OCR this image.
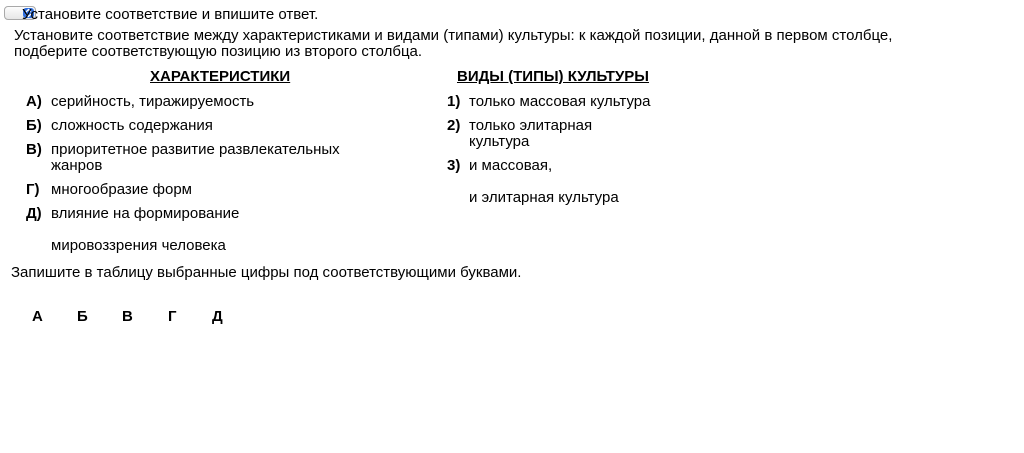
Установите соответствие и впишите ответ.
Установите соответствие между характеристиками и видами (типами) культуры: к каждой позиции, данной в первом столбце,
подберите соответствующую позицию из второго столбца.
ХАРАКТЕРИСТИКИ	ВИДЫ (ТИПЫ) КУЛЬТУРЫ
А) серийность, тиражируемость
Б) сложность содержания
В) приоритетное развитие развлекательных
жанров
Г) многообразие форм
Д) влияние на формирование
мировоззрения человека
1) только массовая культура
2) только элитарная
культура
3) и массовая,
и элитарная культура
Запишите в таблицу выбранные цифры под соответствующими буквами.
А Б В Г Д
